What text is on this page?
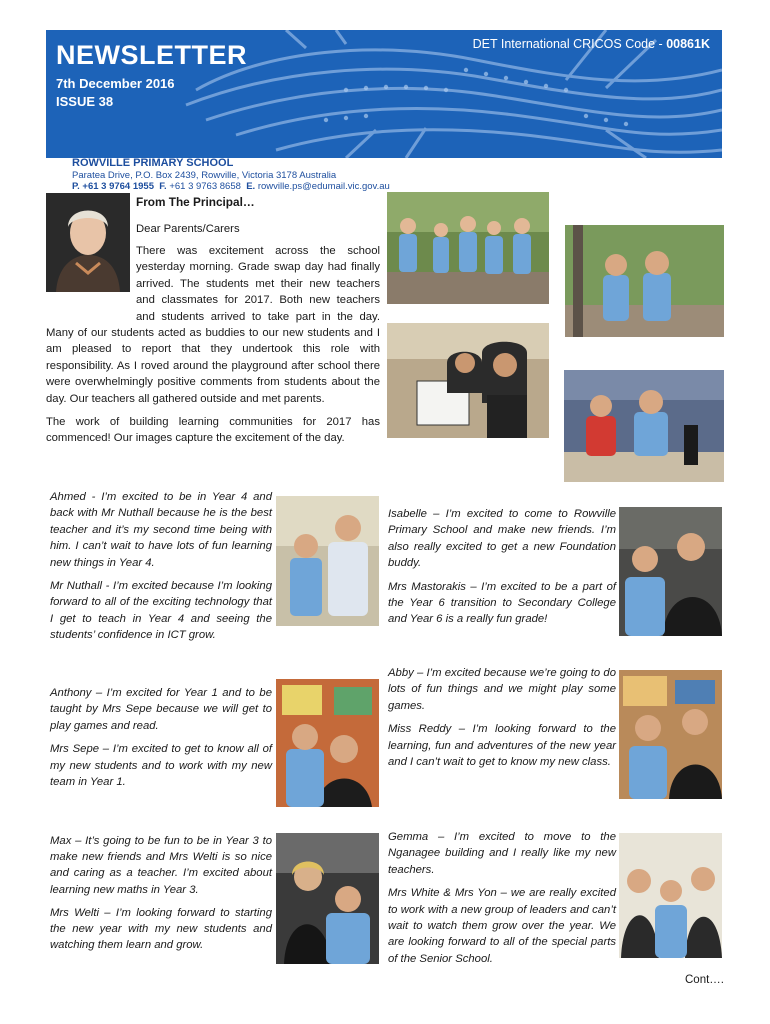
NEWSLETTER
7th December 2016
ISSUE 38
DET International CRICOS Code - 00861K
ROWVILLE PRIMARY SCHOOL
Paratea Drive, P.O. Box 2439, Rowville, Victoria 3178 Australia
P. +61 3 9764 1955 F. +61 3 9763 8658 E. rowville.ps@edumail.vic.gov.au
From The Principal…
Dear Parents/Carers

There was excitement across the school yesterday morning. Grade swap day had finally arrived. The students met their new teachers and classmates for 2017. Both new teachers and students arrived to take part in the day. Many of our students acted as buddies to our new students and I am pleased to report that they undertook this role with responsibility. As I roved around the playground after school there were overwhelmingly positive comments from students about the day. Our teachers all gathered outside and met parents.

The work of building learning communities for 2017 has commenced! Our images capture the excitement of the day.

Ahmed - I’m excited to be in Year 4 and back with Mr Nuthall because he is the best teacher and it’s my second time being with him. I can’t wait to have lots of fun learning new things in Year 4.

Mr Nuthall - I’m excited because I’m looking forward to all of the exciting technology that I get to teach in Year 4 and seeing the students’ confidence in ICT grow.

Anthony – I’m excited for Year 1 and to be taught by Mrs Sepe because we will get to play games and read.

Mrs Sepe – I’m excited to get to know all of my new students and to work with my new team in Year 1.

Max – It’s going to be fun to be in Year 3 to make new friends and Mrs Welti is so nice and caring as a teacher. I’m excited about learning new maths in Year 3.

Mrs Welti – I’m looking forward to starting the new year with my new students and watching them learn and grow.

Isabelle – I’m excited to come to Rowville Primary School and make new friends. I’m also really excited to get a new Foundation buddy.

Mrs Mastorakis – I’m excited to be a part of the Year 6 transition to Secondary College and Year 6 is a really fun grade!

Abby – I’m excited because we’re going to do lots of fun things and we might play some games.

Miss Reddy – I’m looking forward to the learning, fun and adventures of the new year and I can’t wait to get to know my new class.

Gemma – I’m excited to move to the Nganagee building and I really like my new teachers.

Mrs White & Mrs Yon – we are really excited to work with a new group of leaders and can’t wait to watch them grow over the year. We are looking forward to all of the special parts of the Senior School.

Cont….
